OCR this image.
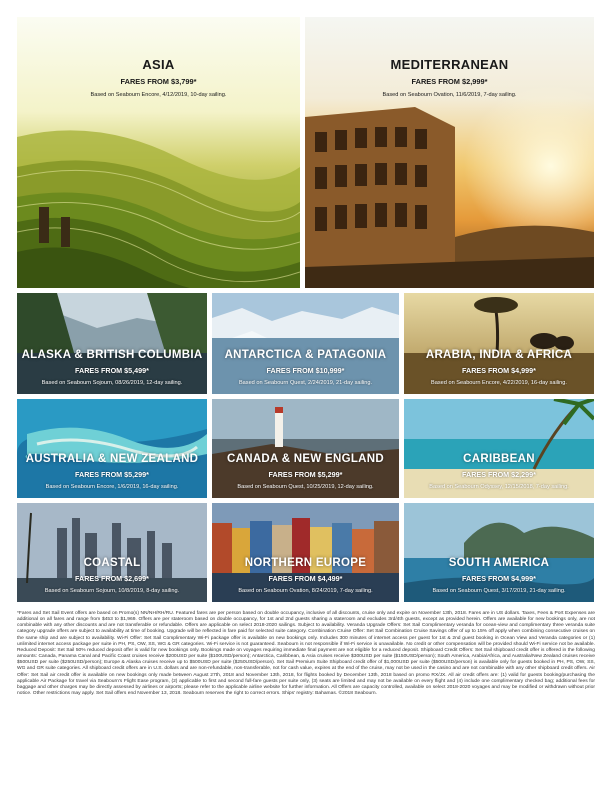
ASIA
FARES FROM $3,799*
Based on Seabourn Encore, 4/12/2019, 10-day sailing.
MEDITERRANEAN
FARES FROM $2,999*
Based on Seabourn Ovation, 11/6/2019, 7-day sailing.
ALASKA & BRITISH COLUMBIA
FARES FROM $5,499*
Based on Seabourn Sojourn, 08/26/2019, 12-day sailing.
ANTARCTICA & PATAGONIA
FARES FROM $10,999*
Based on Seabourn Quest, 2/24/2019, 21-day sailing.
ARABIA, INDIA & AFRICA
FARES FROM $4,999*
Based on Seabourn Encore, 4/22/2019, 16-day sailing.
AUSTRALIA & NEW ZEALAND
FARES FROM $5,299*
Based on Seabourn Encore, 1/6/2019, 16-day sailing.
CANADA & NEW ENGLAND
FARES FROM $5,299*
Based on Seabourn Quest, 10/25/2019, 12-day sailing.
CARIBBEAN
FARES FROM $2,299*
Based on Seabourn Odyssey, 12/15/2018, 7-day sailing.
COASTAL
FARES FROM $2,699*
Based on Seabourn Sojourn, 10/8/2019, 8-day sailing.
NORTHERN EUROPE
FARES FROM $4,499*
Based on Seabourn Ovation, 8/24/2019, 7-day sailing.
SOUTH AMERICA
FARES FROM $4,999*
Based on Seabourn Quest, 3/17/2019, 21-day sailing.
*Fares and Set Sail Event offers are based on Promo(s) NN/NH/RH/RU. Featured fares are per person based on double occupancy, inclusive of all discounts, cruise only and expire on November 13th, 2018. Fares are in US dollars. Taxes, Fees & Port Expenses are additional on all fares and range from $453 to $1,969. Offers are per stateroom based on double occupancy, for 1st and 2nd guests sharing a stateroom and excludes 3rd/4th guests, except as provided herein. Offers are available for new bookings only, are not combinable with any other discounts and are not transferable or refundable. Offers are applicable on select 2018-2020 sailings. Subject to availability. Veranda Upgrade Offers: Set Sail Complimentary veranda for ocean-view and complimentary three veranda suite category upgrade offers are subject to availability at time of booking. Upgrade will be reflected in fare paid for selected suite category. Combination Cruise Offer: Set Sail Combination Cruise Savings offer of up to 15% off apply when combining consecutive cruises on the same ship and are subject to availability. Wi-Fi Offer: Set Sail Complimentary Wi-Fi package offer is available on new bookings only. Includes 300 minutes of internet access per guest for 1st & 2nd guest booking in Ocean View and Veranda categories or (1) unlimited internet access package per suite in PH, PS, OW, SS, WG & GR categories. Wi-Fi service is not guaranteed. Seabourn is not responsible if Wi-Fi service is unavailable. No credit or other compensation will be provided should Wi-Fi service not be available. Reduced Deposit: Set Sail 50% reduced deposit offer is valid for new bookings only. Bookings made on voyages requiring immediate final payment are not eligible for a reduced deposit. Shipboard Credit Offers: Set Sail shipboard credit offer is offered in the following amounts: Canada, Panama Canal and Pacific Coast cruises receive $200USD per suite ($100USD/person); Antarctica, Caribbean, & Asia cruises receive $300USD per suite ($150USD/person); South America, Arabia/Africa, and Australia/New Zealand cruises receive $500USD per suite ($250USD/person); Europe & Alaska cruises receive up to $500USD per suite ($250USD/person). Set Sail Premium Suite Shipboard credit offer of $1,000USD per suite ($500USD/person) is available only for guests booked in PH, PS, OW, SS, WG and GR suite categories. All shipboard credit offers are in U.S. dollars and are non-refundable, non-transferable, not for cash value, expires at the end of the cruise, may not be used in the casino and are not combinable with any other shipboard credit offers. Air Offer: Set Sail air credit offer is available on new bookings only made between August 27th, 2018 and November 13th, 2018, for flights booked by December 13th, 2018 based on promo RX/JX. All air credit offers are: (1) valid for guests booking/purchasing the applicable Air Package for travel via Seabourn's Flight Ease program, (2) applicable to first and second full-fare guests per suite only, (3) seats are limited and may not be available on every flight and (4) include one complimentary checked bag; additional fees for baggage and other charges may be directly assessed by airlines or airports; please refer to the applicable airline website for further information. All Offers are capacity controlled, available on select 2018-2020 voyages and may be modified or withdrawn without prior notice. Other restrictions may apply. Set Sail offers end November 13, 2018. Seabourn reserves the right to correct errors. Ships' registry: Bahamas. ©2018 Seabourn.
